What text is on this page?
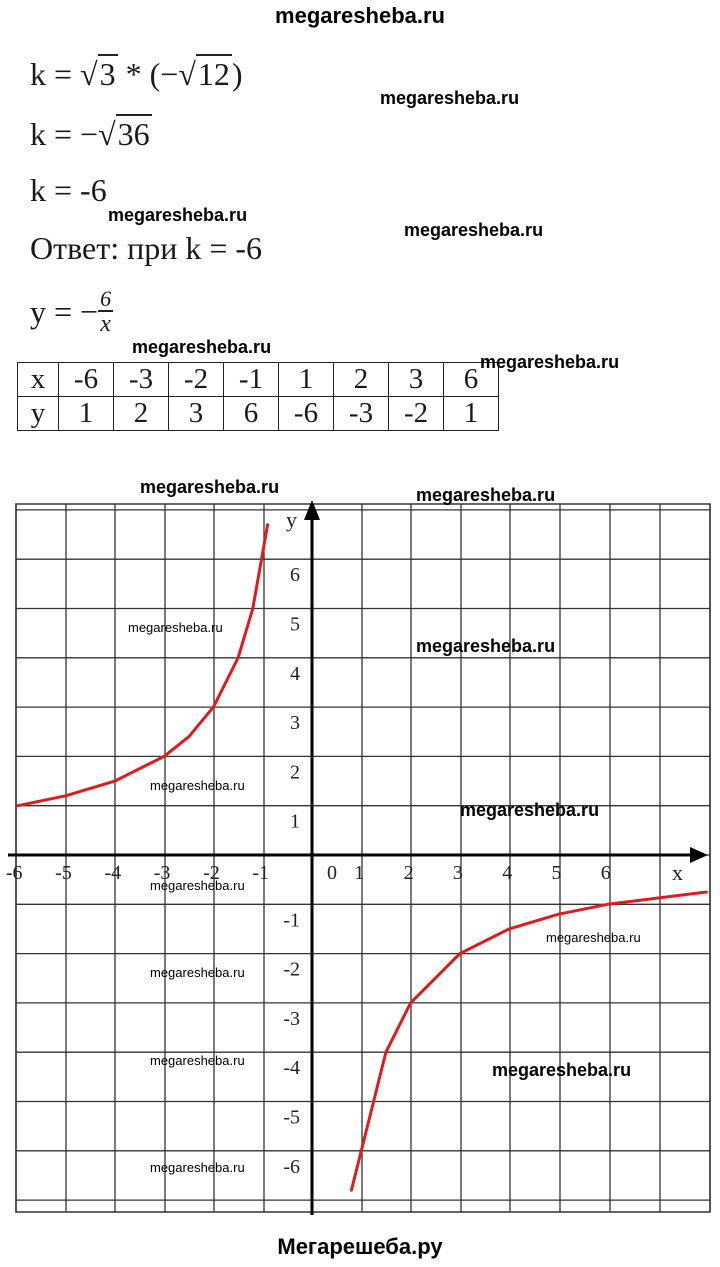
megaresheba.ru
k = √3 * (−√12)
k = −√36
k = -6
Ответ: при k = -6
y = − $\frac{6}{x}$
x	-6	-3	-2	-1	1	2	3	6
y	1	2	3	6	-6	-3	-2	1
-6 -5 -4 -3 -2 -1	0 1 2 3 4 5 6
6
5
4
3
2
1
-1
-2
-3
-4
-5
-6
x
y
megaresheba.ru
megaresheba.ru
megaresheba.ru
megaresheba.ru
megaresheba.ru
megaresheba.ru	megaresheba.ru
megaresheba.ru
megaresheba.ru
megaresheba.ru
megaresheba.ru
megaresheba.ru
megaresheba.ru
megaresheba.ru
megaresheba.ru	megaresheba.ru
megaresheba.ru
Мегарешеба.ру
